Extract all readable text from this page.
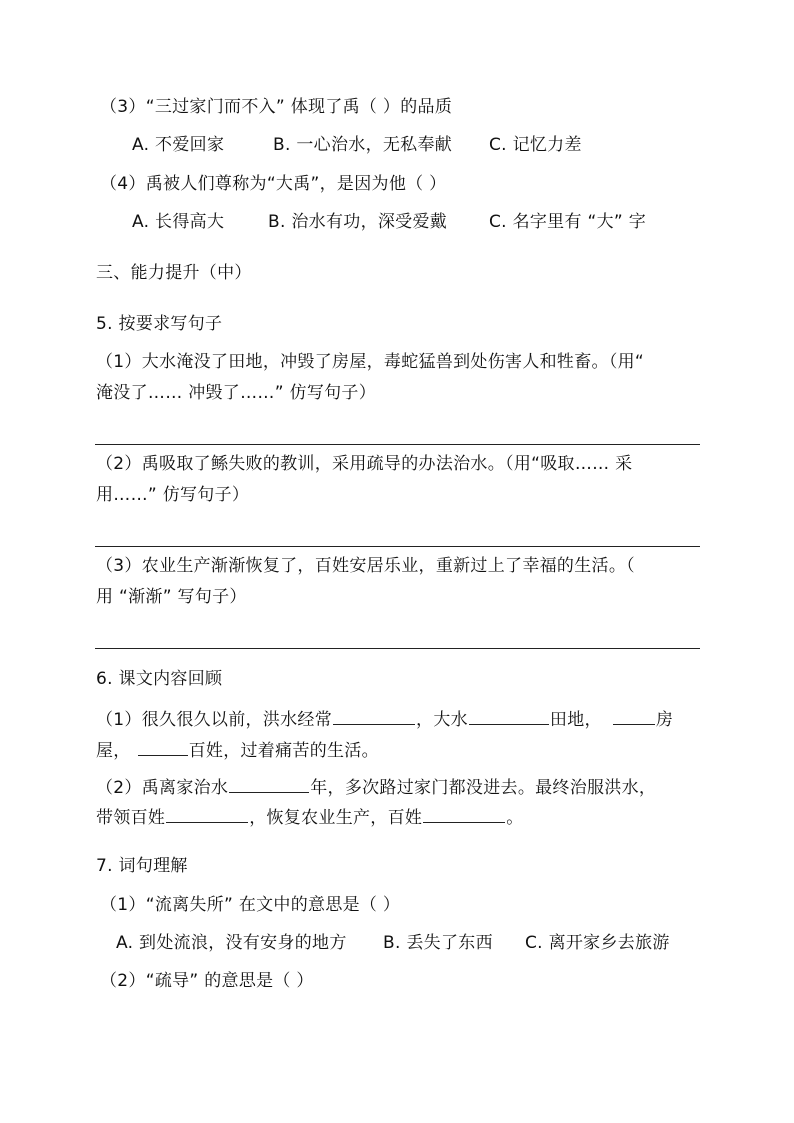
（3）“三过家门而不入” 体现了禹（ ）的品质
A. 不爱回家	B. 一心治水，无私奉献 C. 记忆力差
（4）禹被人们尊称为“大禹”，是因为他（ ）
A. 长得高大	B. 治水有功，深受爱戴 C. 名字里有 “大” 字
三、能力提升（中）
5. 按要求写句子
（1）大水淹没了田地，冲毁了房屋，毒蛇猛兽到处伤害人和牲畜。（用“
淹没了…… 冲毁了……” 仿写句子）
（2）禹吸取了鲧失败的教训，采用疏导的办法治水。（用“吸取…… 采
用……” 仿写句子）
（3）农业生产渐渐恢复了，百姓安居乐业，重新过上了幸福的生活。（
用 “渐渐” 写句子）
6. 课文内容回顾
（1）很久很久以前，洪水经常	，大水	田地，	房
屋，	百姓，过着痛苦的生活。
（2）禹离家治水	年，多次路过家门都没进去。最终治服洪水，
带领百姓	，恢复农业生产，百姓	。
7. 词句理解
（1）“流离失所” 在文中的意思是（ ）
A. 到处流浪，没有安身的地方 B. 丢失了东西 C. 离开家乡去旅游
（2）“疏导” 的意思是（ ）
